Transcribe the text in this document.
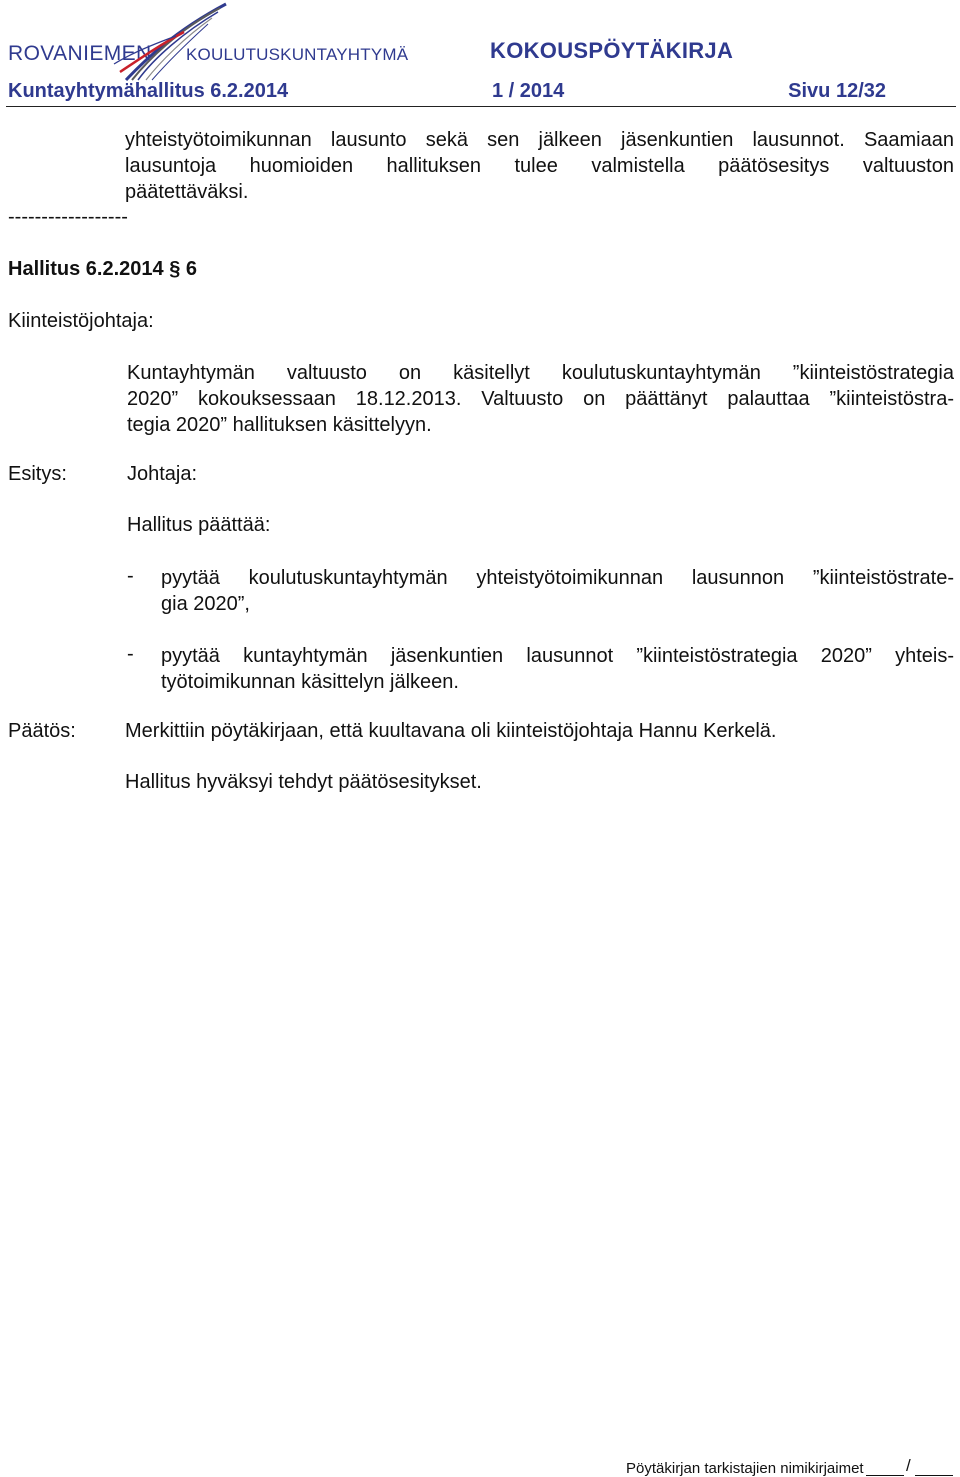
ROVANIEMEN KOULUTUSKUNTAYHTYMÄ	KOKOUSPÖYTÄKIRJA
Kuntayhtymähallitus 6.2.2014	1 / 2014	Sivu 12/32
yhteistyötoimikunnan lausunto sekä sen jälkeen jäsenkuntien lausunnot. Saamiaan
lausuntoja huomioiden hallituksen tulee valmistella päätösesitys valtuuston
päätettäväksi.
------------------
Hallitus 6.2.2014 § 6
Kiinteistöjohtaja:
Kuntayhtymän valtuusto on käsitellyt koulutuskuntayhtymän ”kiinteistöstrategia
2020” kokouksessaan 18.12.2013. Valtuusto on päättänyt palauttaa ”kiinteistöstra-
tegia 2020” hallituksen käsittelyyn.
Esitys:	Johtaja:
Hallitus päättää:
- pyytää koulutuskuntayhtymän yhteistyötoimikunnan lausunnon ”kiinteistöstrate-
gia 2020”,
- pyytää kuntayhtymän jäsenkuntien lausunnot ”kiinteistöstrategia 2020” yhteis-
työtoimikunnan käsittelyn jälkeen.
Päätös: Merkittiin pöytäkirjaan, että kuultavana oli kiinteistöjohtaja Hannu Kerkelä.
Hallitus hyväksyi tehdyt päätösesitykset.
Pöytäkirjan tarkistajien nimikirjaimet /
